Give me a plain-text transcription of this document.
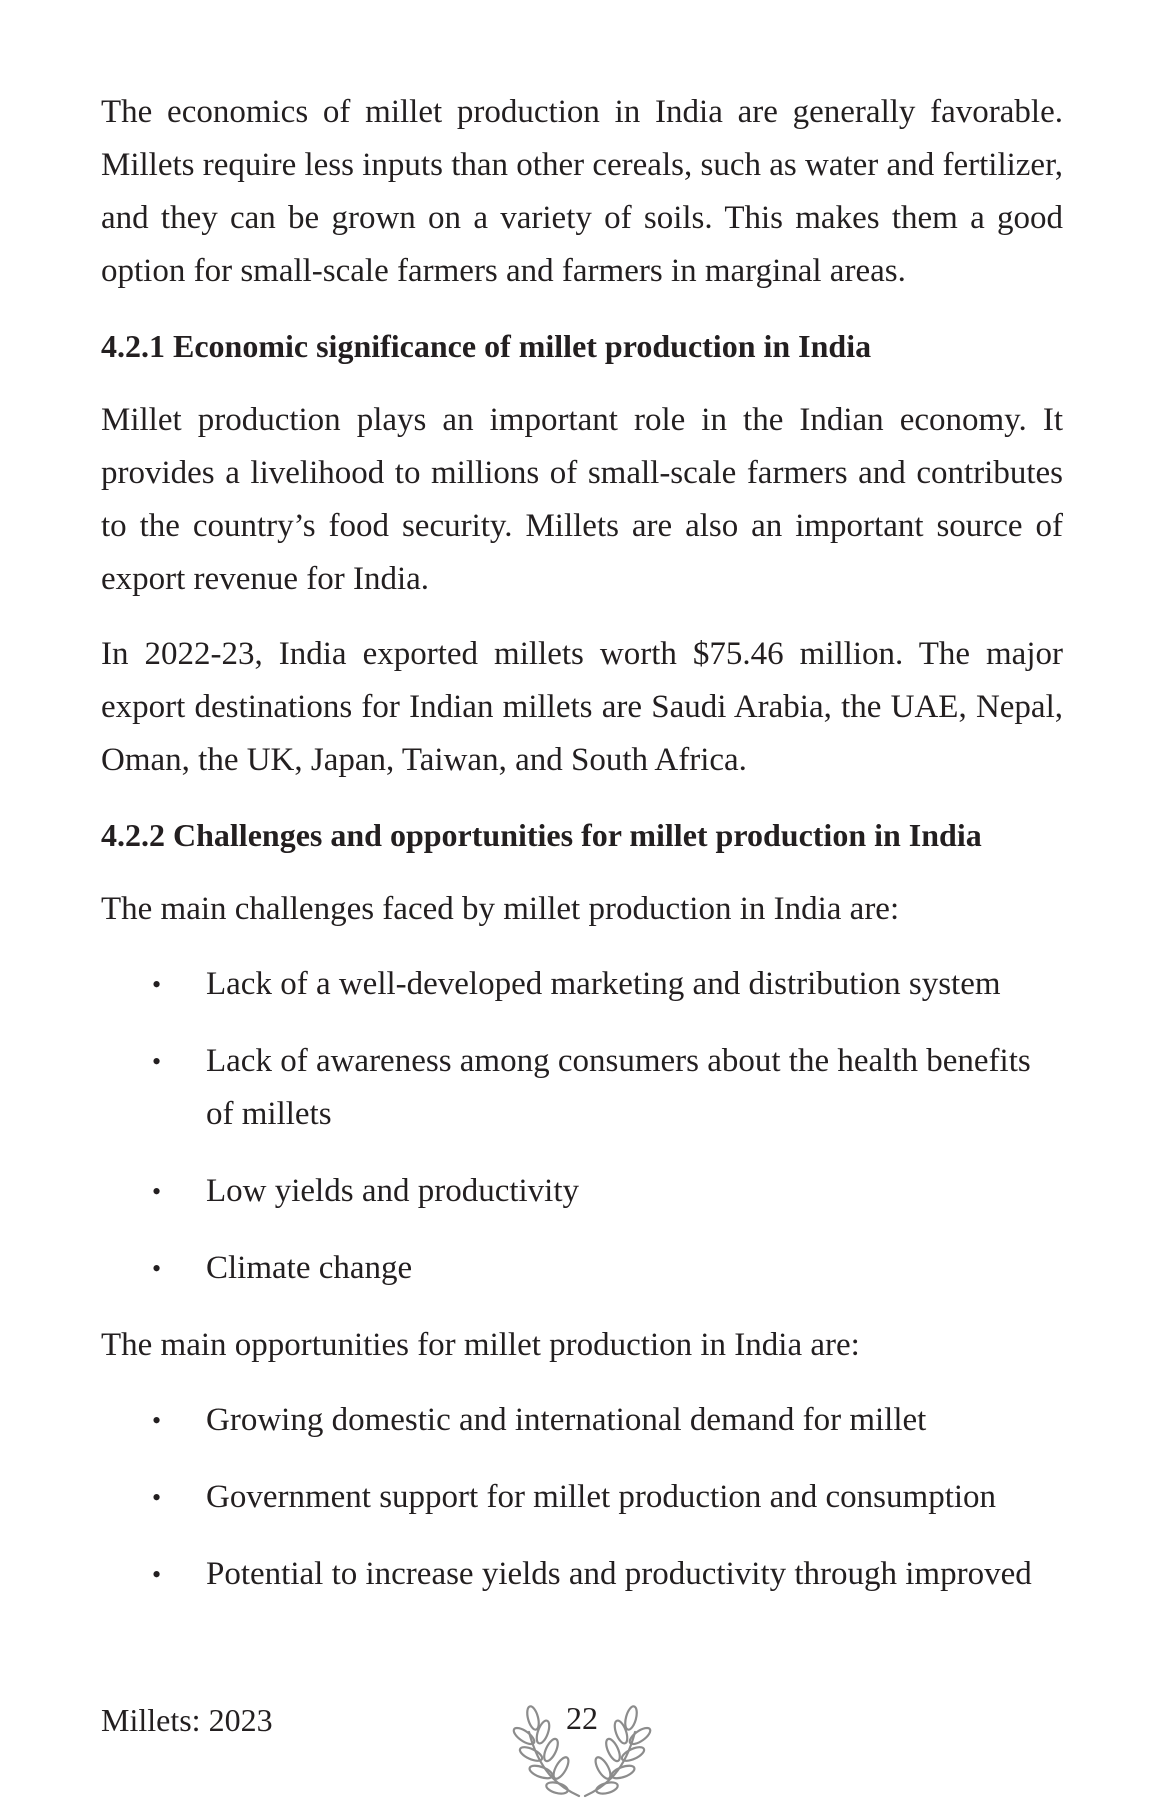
The economics of millet production in India are generally favorable. Millets require less inputs than other cereals, such as water and fertilizer, and they can be grown on a variety of soils. This makes them a good option for small-scale farmers and farmers in marginal areas.

4.2.1 Economic significance of millet production in India

Millet production plays an important role in the Indian economy. It provides a livelihood to millions of small-scale farmers and contributes to the country’s food security. Millets are also an important source of export revenue for India.

In 2022-23, India exported millets worth $75.46 million. The major export destinations for Indian millets are Saudi Arabia, the UAE, Nepal, Oman, the UK, Japan, Taiwan, and South Africa.

4.2.2 Challenges and opportunities for millet production in India

The main challenges faced by millet production in India are:

• Lack of a well-developed marketing and distribution system
• Lack of awareness among consumers about the health benefits of millets
• Low yields and productivity
• Climate change

The main opportunities for millet production in India are:

• Growing domestic and international demand for millet
• Government support for millet production and consumption
• Potential to increase yields and productivity through improved
Millets: 2023	22
